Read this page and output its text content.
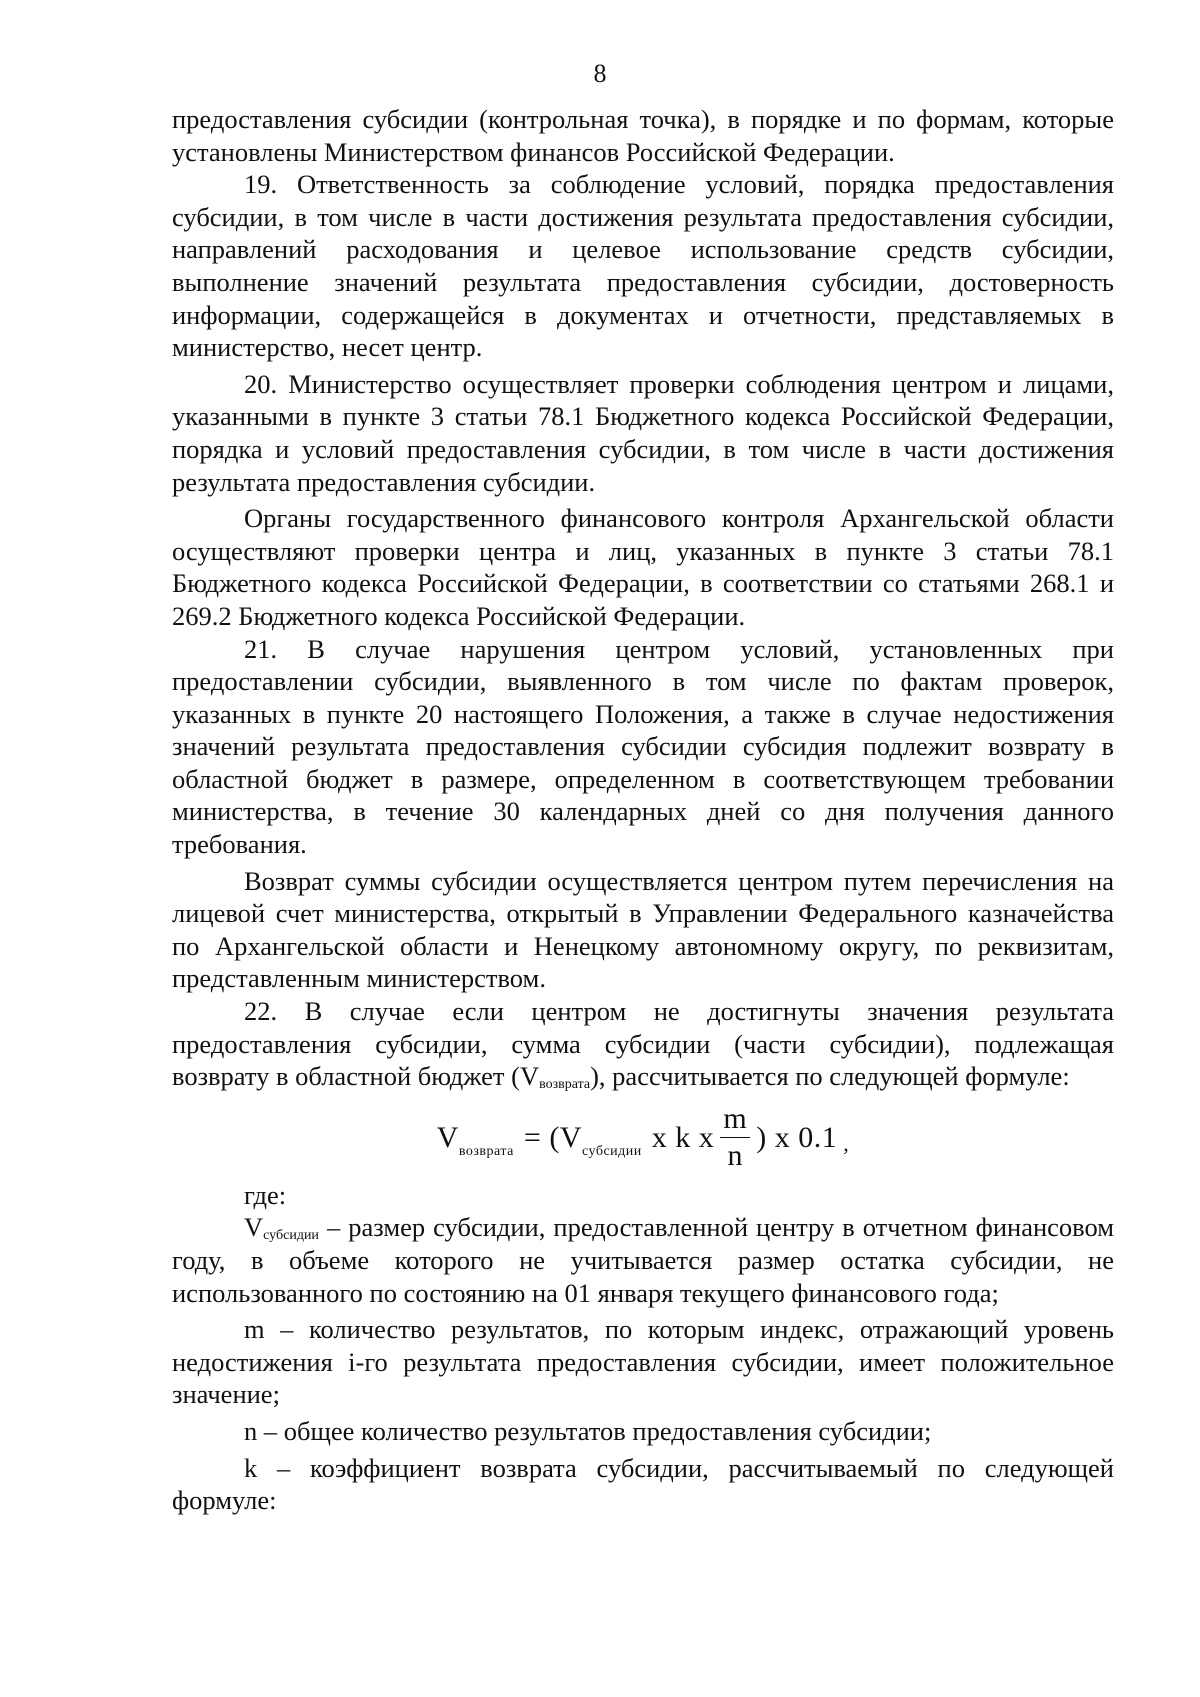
8

предоставления субсидии (контрольная точка), в порядке и по формам, которые установлены Министерством финансов Российской Федерации.

19. Ответственность за соблюдение условий, порядка предоставления субсидии, в том числе в части достижения результата предоставления субсидии, направлений расходования и целевое использование средств субсидии, выполнение значений результата предоставления субсидии, достоверность информации, содержащейся в документах и отчетности, представляемых в министерство, несет центр.

20. Министерство осуществляет проверки соблюдения центром и лицами, указанными в пункте 3 статьи 78.1 Бюджетного кодекса Российской Федерации, порядка и условий предоставления субсидии, в том числе в части достижения результата предоставления субсидии.

Органы государственного финансового контроля Архангельской области осуществляют проверки центра и лиц, указанных в пункте 3 статьи 78.1 Бюджетного кодекса Российской Федерации, в соответствии со статьями 268.1 и 269.2 Бюджетного кодекса Российской Федерации.

21. В случае нарушения центром условий, установленных при предоставлении субсидии, выявленного в том числе по фактам проверок, указанных в пункте 20 настоящего Положения, а также в случае недостижения значений результата предоставления субсидии субсидия подлежит возврату в областной бюджет в размере, определенном в соответствующем требовании министерства, в течение 30 календарных дней со дня получения данного требования.

Возврат суммы субсидии осуществляется центром путем перечисления на лицевой счет министерства, открытый в Управлении Федерального казначейства по Архангельской области и Ненецкому автономному округу, по реквизитам, представленным министерством.

22. В случае если центром не достигнуты значения результата предоставления субсидии, сумма субсидии (части субсидии), подлежащая возврату в областной бюджет $(V_{возврата})$, рассчитывается по следующей формуле:

$V_{возврата} = (V_{субсидии}$ x k x $\frac{m}{n}$ ) x 0.1 ,

где:

$V_{субсидии}$ – размер субсидии, предоставленной центру в отчетном финансовом году, в объеме которого не учитывается размер остатка субсидии, не использованного по состоянию на 01 января текущего финансового года;

m – количество результатов, по которым индекс, отражающий уровень недостижения i-го результата предоставления субсидии, имеет положительное значение;

n – общее количество результатов предоставления субсидии;

k – коэффициент возврата субсидии, рассчитываемый по следующей формуле:
